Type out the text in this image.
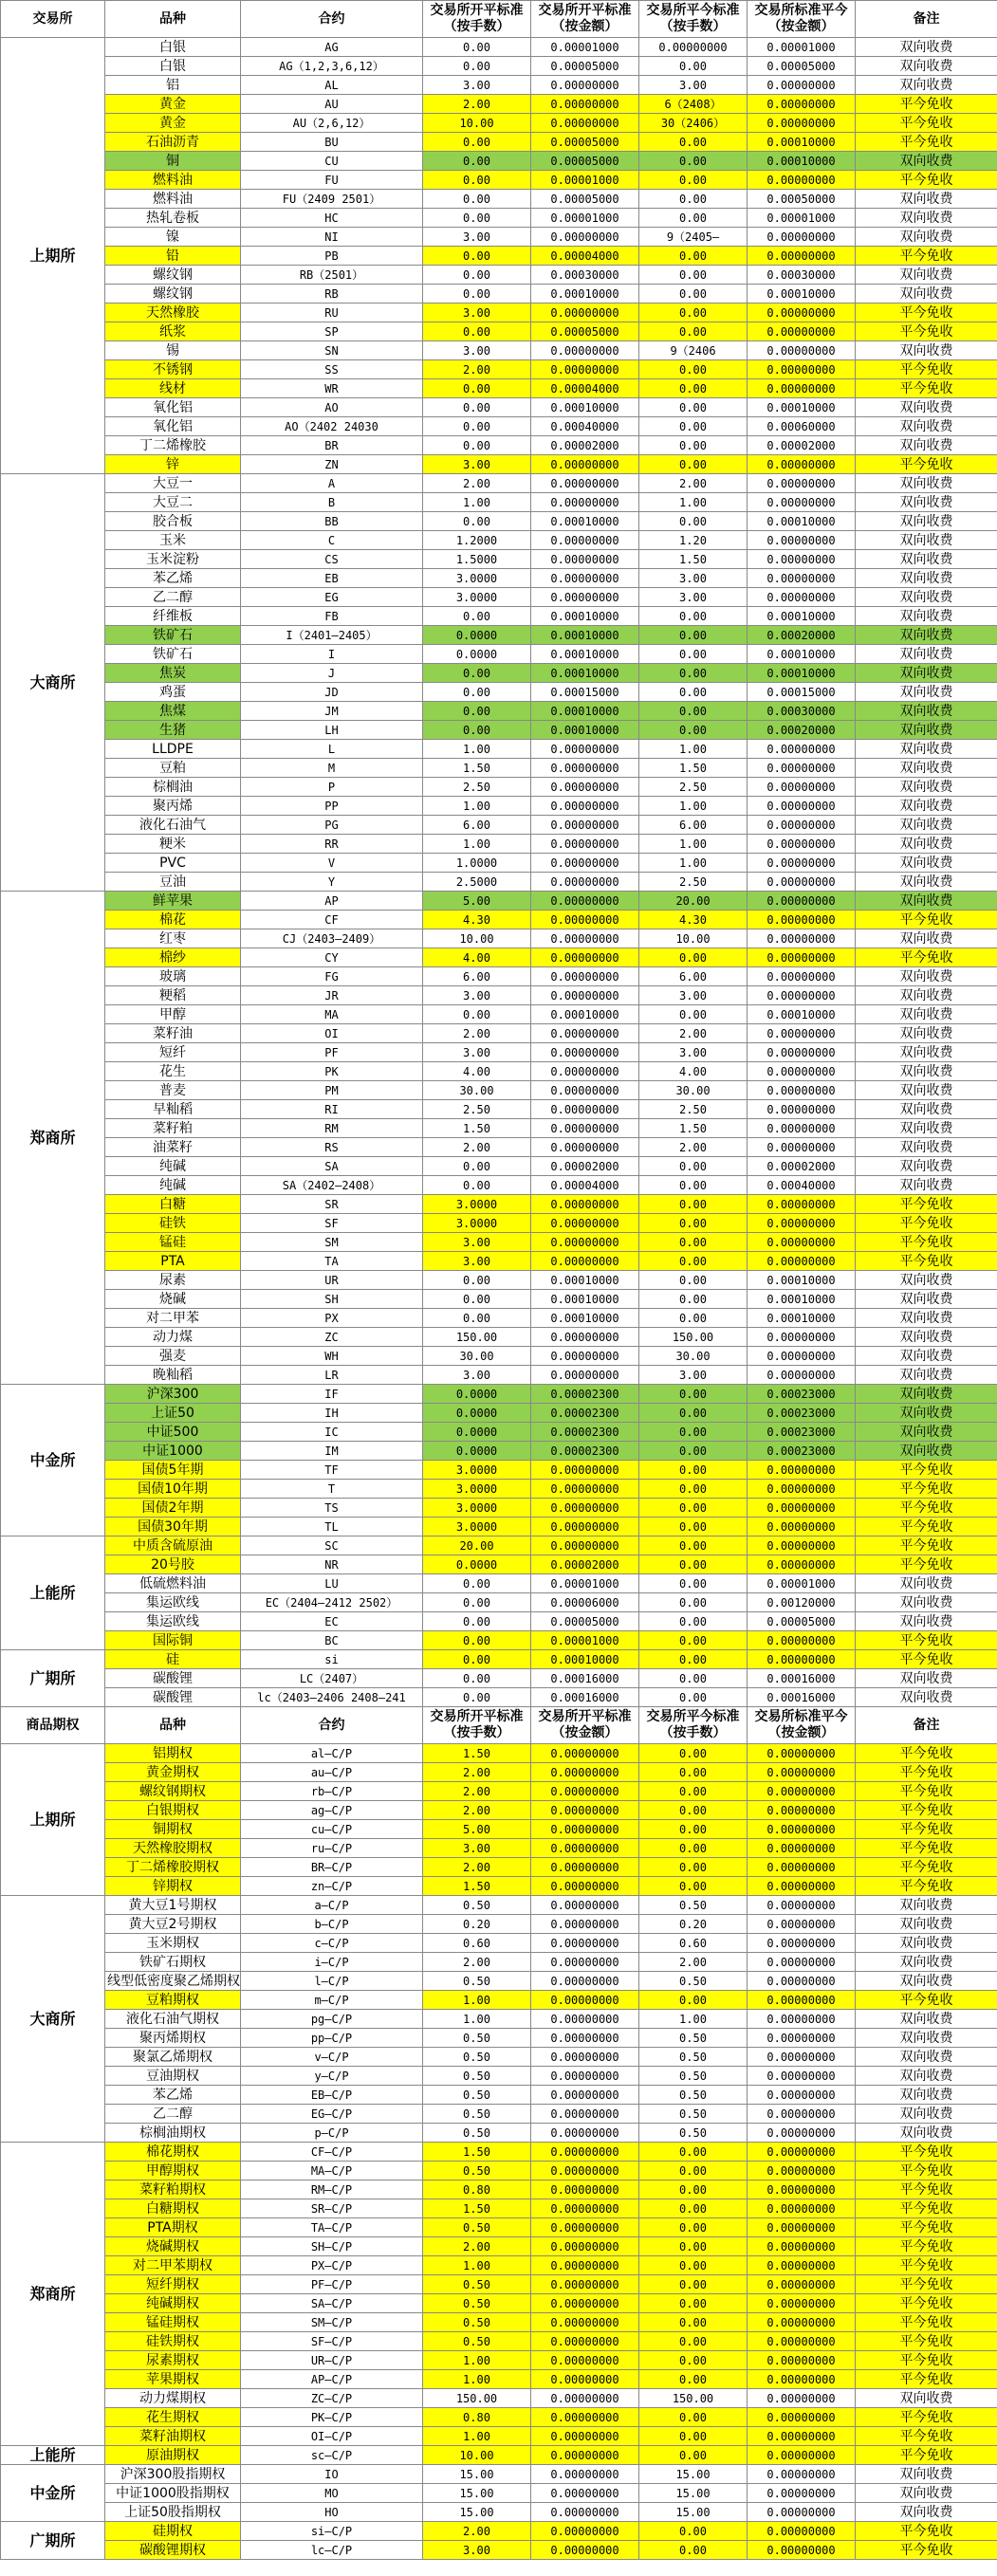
交易所	品种	合约	交易所开平标准（按手数）	交易所开平标准（按金额）	交易所平今标准（按手数）	交易所标准平今（按金额）	备注
上期所	白银	AG	0.00	0.00001000	0.00000000	0.00001000	双向收费
	白银	AG（1,2,3,6,12）	0.00	0.00005000	0.00	0.00005000	双向收费
	铝	AL	3.00	0.00000000	3.00	0.00000000	双向收费
	黄金	AU	2.00	0.00000000	6（2408）	0.00000000	平今免收
	黄金	AU（2,6,12）	10.00	0.00000000	30（2406）	0.00000000	平今免收
	石油沥青	BU	0.00	0.00005000	0.00	0.00010000	平今免收
	铜	CU	0.00	0.00005000	0.00	0.00010000	双向收费
	燃料油	FU	0.00	0.00001000	0.00	0.00000000	平今免收
	燃料油	FU（2409 2501）	0.00	0.00005000	0.00	0.00050000	双向收费
	热轧卷板	HC	0.00	0.00001000	0.00	0.00001000	双向收费
	镍	NI	3.00	0.00000000	9（2405—	0.00000000	双向收费
	铅	PB	0.00	0.00004000	0.00	0.00000000	平今免收
	螺纹钢	RB（2501）	0.00	0.00030000	0.00	0.00030000	双向收费
	螺纹钢	RB	0.00	0.00010000	0.00	0.00010000	双向收费
	天然橡胶	RU	3.00	0.00000000	0.00	0.00000000	平今免收
	纸浆	SP	0.00	0.00005000	0.00	0.00000000	平今免收
	锡	SN	3.00	0.00000000	9（2406	0.00000000	双向收费
	不锈钢	SS	2.00	0.00000000	0.00	0.00000000	平今免收
	线材	WR	0.00	0.00004000	0.00	0.00000000	平今免收
	氧化铝	AO	0.00	0.00010000	0.00	0.00010000	双向收费
	氧化铝	AO（2402 24030	0.00	0.00040000	0.00	0.00060000	双向收费
	丁二烯橡胶	BR	0.00	0.00002000	0.00	0.00002000	双向收费
	锌	ZN	3.00	0.00000000	0.00	0.00000000	平今免收
大商所	大豆一	A	2.00	0.00000000	2.00	0.00000000	双向收费
	大豆二	B	1.00	0.00000000	1.00	0.00000000	双向收费
	胶合板	BB	0.00	0.00010000	0.00	0.00010000	双向收费
	玉米	C	1.2000	0.00000000	1.20	0.00000000	双向收费
	玉米淀粉	CS	1.5000	0.00000000	1.50	0.00000000	双向收费
	苯乙烯	EB	3.0000	0.00000000	3.00	0.00000000	双向收费
	乙二醇	EG	3.0000	0.00000000	3.00	0.00000000	双向收费
	纤维板	FB	0.00	0.00010000	0.00	0.00010000	双向收费
	铁矿石	I（2401—2405）	0.0000	0.00010000	0.00	0.00020000	双向收费
	铁矿石	I	0.0000	0.00010000	0.00	0.00010000	双向收费
	焦炭	J	0.00	0.00010000	0.00	0.00010000	双向收费
	鸡蛋	JD	0.00	0.00015000	0.00	0.00015000	双向收费
	焦煤	JM	0.00	0.00010000	0.00	0.00030000	双向收费
	生猪	LH	0.00	0.00010000	0.00	0.00020000	双向收费
	LLDPE	L	1.00	0.00000000	1.00	0.00000000	双向收费
	豆粕	M	1.50	0.00000000	1.50	0.00000000	双向收费
	棕榈油	P	2.50	0.00000000	2.50	0.00000000	双向收费
	聚丙烯	PP	1.00	0.00000000	1.00	0.00000000	双向收费
	液化石油气	PG	6.00	0.00000000	6.00	0.00000000	双向收费
	粳米	RR	1.00	0.00000000	1.00	0.00000000	双向收费
	PVC	V	1.0000	0.00000000	1.00	0.00000000	双向收费
	豆油	Y	2.5000	0.00000000	2.50	0.00000000	双向收费
郑商所	鲜苹果	AP	5.00	0.00000000	20.00	0.00000000	双向收费
	棉花	CF	4.30	0.00000000	4.30	0.00000000	平今免收
	红枣	CJ（2403—2409）	10.00	0.00000000	10.00	0.00000000	双向收费
	棉纱	CY	4.00	0.00000000	0.00	0.00000000	平今免收
	玻璃	FG	6.00	0.00000000	6.00	0.00000000	双向收费
	粳稻	JR	3.00	0.00000000	3.00	0.00000000	双向收费
	甲醇	MA	0.00	0.00010000	0.00	0.00010000	双向收费
	菜籽油	OI	2.00	0.00000000	2.00	0.00000000	双向收费
	短纤	PF	3.00	0.00000000	3.00	0.00000000	双向收费
	花生	PK	4.00	0.00000000	4.00	0.00000000	双向收费
	普麦	PM	30.00	0.00000000	30.00	0.00000000	双向收费
	早籼稻	RI	2.50	0.00000000	2.50	0.00000000	双向收费
	菜籽粕	RM	1.50	0.00000000	1.50	0.00000000	双向收费
	油菜籽	RS	2.00	0.00000000	2.00	0.00000000	双向收费
	纯碱	SA	0.00	0.00002000	0.00	0.00002000	双向收费
	纯碱	SA（2402—2408）	0.00	0.00004000	0.00	0.00040000	双向收费
	白糖	SR	3.0000	0.00000000	0.00	0.00000000	平今免收
	硅铁	SF	3.0000	0.00000000	0.00	0.00000000	平今免收
	锰硅	SM	3.00	0.00000000	0.00	0.00000000	平今免收
	PTA	TA	3.00	0.00000000	0.00	0.00000000	平今免收
	尿素	UR	0.00	0.00010000	0.00	0.00010000	双向收费
	烧碱	SH	0.00	0.00010000	0.00	0.00010000	双向收费
	对二甲苯	PX	0.00	0.00010000	0.00	0.00010000	双向收费
	动力煤	ZC	150.00	0.00000000	150.00	0.00000000	双向收费
	强麦	WH	30.00	0.00000000	30.00	0.00000000	双向收费
	晚籼稻	LR	3.00	0.00000000	3.00	0.00000000	双向收费
中金所	沪深300	IF	0.0000	0.00002300	0.00	0.00023000	双向收费
	上证50	IH	0.0000	0.00002300	0.00	0.00023000	双向收费
	中证500	IC	0.0000	0.00002300	0.00	0.00023000	双向收费
	中证1000	IM	0.0000	0.00002300	0.00	0.00023000	双向收费
	国债5年期	TF	3.0000	0.00000000	0.00	0.00000000	平今免收
	国债10年期	T	3.0000	0.00000000	0.00	0.00000000	平今免收
	国债2年期	TS	3.0000	0.00000000	0.00	0.00000000	平今免收
	国债30年期	TL	3.0000	0.00000000	0.00	0.00000000	平今免收
上能所	中质含硫原油	SC	20.00	0.00000000	0.00	0.00000000	平今免收
	20号胶	NR	0.0000	0.00002000	0.00	0.00000000	平今免收
	低硫燃料油	LU	0.00	0.00001000	0.00	0.00001000	双向收费
	集运欧线	EC（2404—2412 2502）	0.00	0.00006000	0.00	0.00120000	双向收费
	集运欧线	EC	0.00	0.00005000	0.00	0.00005000	双向收费
	国际铜	BC	0.00	0.00001000	0.00	0.00000000	平今免收
广期所	硅	si	0.00	0.00010000	0.00	0.00000000	平今免收
	碳酸锂	LC（2407）	0.00	0.00016000	0.00	0.00016000	双向收费
	碳酸锂	lc（2403—2406 2408—241	0.00	0.00016000	0.00	0.00016000	双向收费
商品期权	品种	合约	交易所开平标准（按手数）	交易所开平标准（按金额）	交易所平今标准（按手数）	交易所标准平今（按金额）	备注
上期所	铝期权	al—C/P	1.50	0.00000000	0.00	0.00000000	平今免收
	黄金期权	au—C/P	2.00	0.00000000	0.00	0.00000000	平今免收
	螺纹钢期权	rb—C/P	2.00	0.00000000	0.00	0.00000000	平今免收
	白银期权	ag—C/P	2.00	0.00000000	0.00	0.00000000	平今免收
	铜期权	cu—C/P	5.00	0.00000000	0.00	0.00000000	平今免收
	天然橡胶期权	ru—C/P	3.00	0.00000000	0.00	0.00000000	平今免收
	丁二烯橡胶期权	BR—C/P	2.00	0.00000000	0.00	0.00000000	平今免收
	锌期权	zn—C/P	1.50	0.00000000	0.00	0.00000000	平今免收
大商所	黄大豆1号期权	a—C/P	0.50	0.00000000	0.50	0.00000000	双向收费
	黄大豆2号期权	b—C/P	0.20	0.00000000	0.20	0.00000000	双向收费
	玉米期权	c—C/P	0.60	0.00000000	0.60	0.00000000	双向收费
	铁矿石期权	i—C/P	2.00	0.00000000	2.00	0.00000000	双向收费
	线型低密度聚乙烯期权	l—C/P	0.50	0.00000000	0.50	0.00000000	双向收费
	豆粕期权	m—C/P	1.00	0.00000000	0.00	0.00000000	平今免收
	液化石油气期权	pg—C/P	1.00	0.00000000	1.00	0.00000000	双向收费
	聚丙烯期权	pp—C/P	0.50	0.00000000	0.50	0.00000000	双向收费
	聚氯乙烯期权	v—C/P	0.50	0.00000000	0.50	0.00000000	双向收费
	豆油期权	y—C/P	0.50	0.00000000	0.50	0.00000000	双向收费
	苯乙烯	EB—C/P	0.50	0.00000000	0.50	0.00000000	双向收费
	乙二醇	EG—C/P	0.50	0.00000000	0.50	0.00000000	双向收费
	棕榈油期权	p—C/P	0.50	0.00000000	0.50	0.00000000	双向收费
郑商所	棉花期权	CF—C/P	1.50	0.00000000	0.00	0.00000000	平今免收
	甲醇期权	MA—C/P	0.50	0.00000000	0.00	0.00000000	平今免收
	菜籽粕期权	RM—C/P	0.80	0.00000000	0.00	0.00000000	平今免收
	白糖期权	SR—C/P	1.50	0.00000000	0.00	0.00000000	平今免收
	PTA期权	TA—C/P	0.50	0.00000000	0.00	0.00000000	平今免收
	烧碱期权	SH—C/P	2.00	0.00000000	0.00	0.00000000	平今免收
	对二甲苯期权	PX—C/P	1.00	0.00000000	0.00	0.00000000	平今免收
	短纤期权	PF—C/P	0.50	0.00000000	0.00	0.00000000	平今免收
	纯碱期权	SA—C/P	0.50	0.00000000	0.00	0.00000000	平今免收
	锰硅期权	SM—C/P	0.50	0.00000000	0.00	0.00000000	平今免收
	硅铁期权	SF—C/P	0.50	0.00000000	0.00	0.00000000	平今免收
	尿素期权	UR—C/P	1.00	0.00000000	0.00	0.00000000	平今免收
	苹果期权	AP—C/P	1.00	0.00000000	0.00	0.00000000	平今免收
	动力煤期权	ZC—C/P	150.00	0.00000000	150.00	0.00000000	双向收费
	花生期权	PK—C/P	0.80	0.00000000	0.00	0.00000000	平今免收
	菜籽油期权	OI—C/P	1.00	0.00000000	0.00	0.00000000	平今免收
上能所	原油期权	sc—C/P	10.00	0.00000000	0.00	0.00000000	平今免收
中金所	沪深300股指期权	IO	15.00	0.00000000	15.00	0.00000000	双向收费
	中证1000股指期权	MO	15.00	0.00000000	15.00	0.00000000	双向收费
	上证50股指期权	HO	15.00	0.00000000	15.00	0.00000000	双向收费
广期所	硅期权	si—C/P	2.00	0.00000000	0.00	0.00000000	平今免收
	碳酸锂期权	lc—C/P	3.00	0.00000000	0.00	0.00000000	平今免收
